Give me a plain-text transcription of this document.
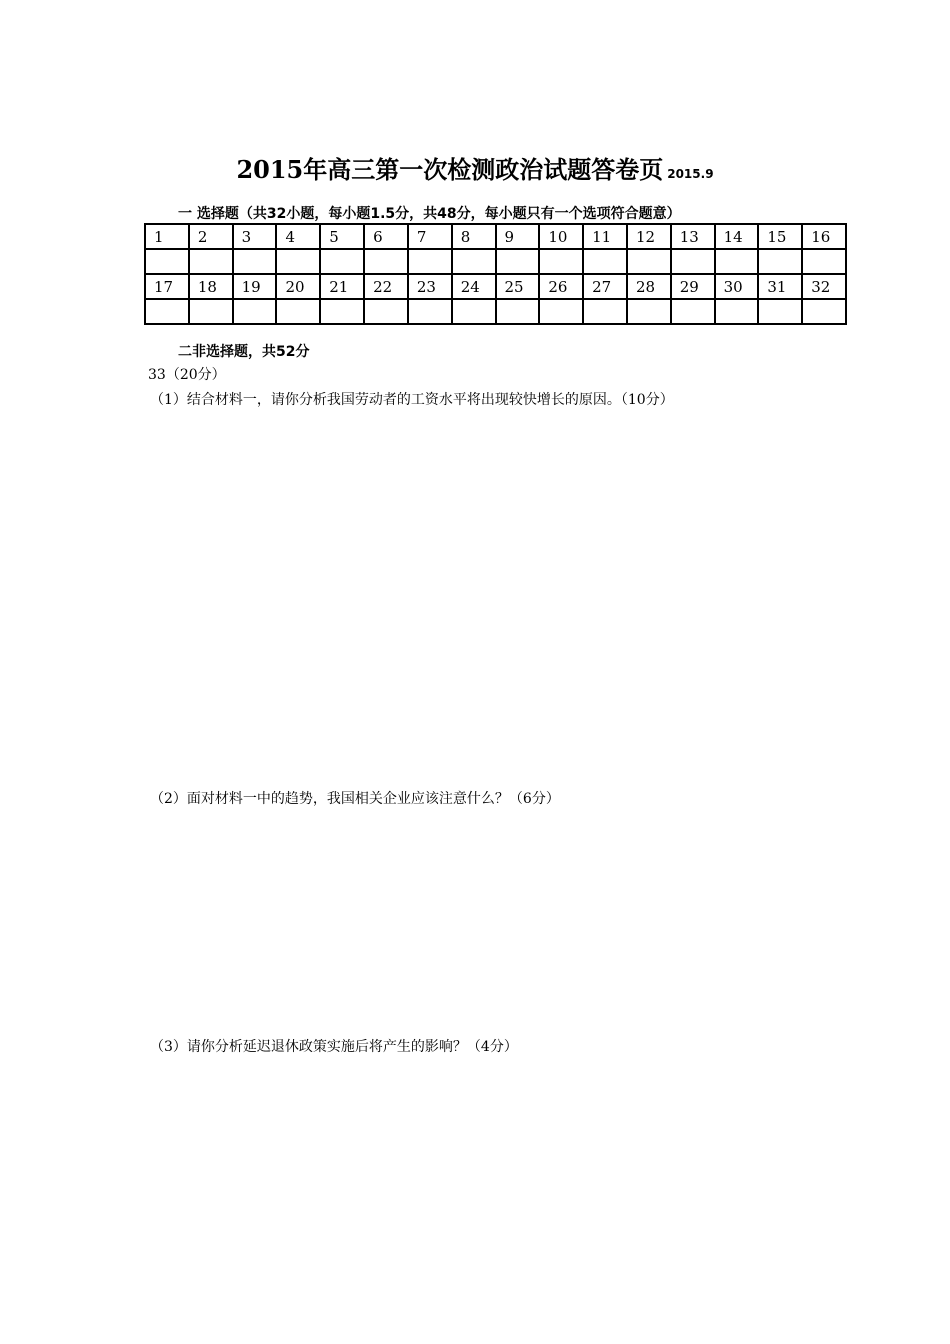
2015年高三第一次检测政治试题答卷页 2015.9
一 选择题（共32小题，每小题1.5分，共48分，每小题只有一个选项符合题意）
1	2	3	4	5	6	7	8	9	10	11	12	13	14	15	16

17	18	19	20	21	22	23	24	25	26	27	28	29	30	31	32

二非选择题，共52分
33（20分）
（1）结合材料一，请你分析我国劳动者的工资水平将出现较快增长的原因。（10分）
（2）面对材料一中的趋势，我国相关企业应该注意什么？（6分）
（3）请你分析延迟退休政策实施后将产生的影响？（4分）
